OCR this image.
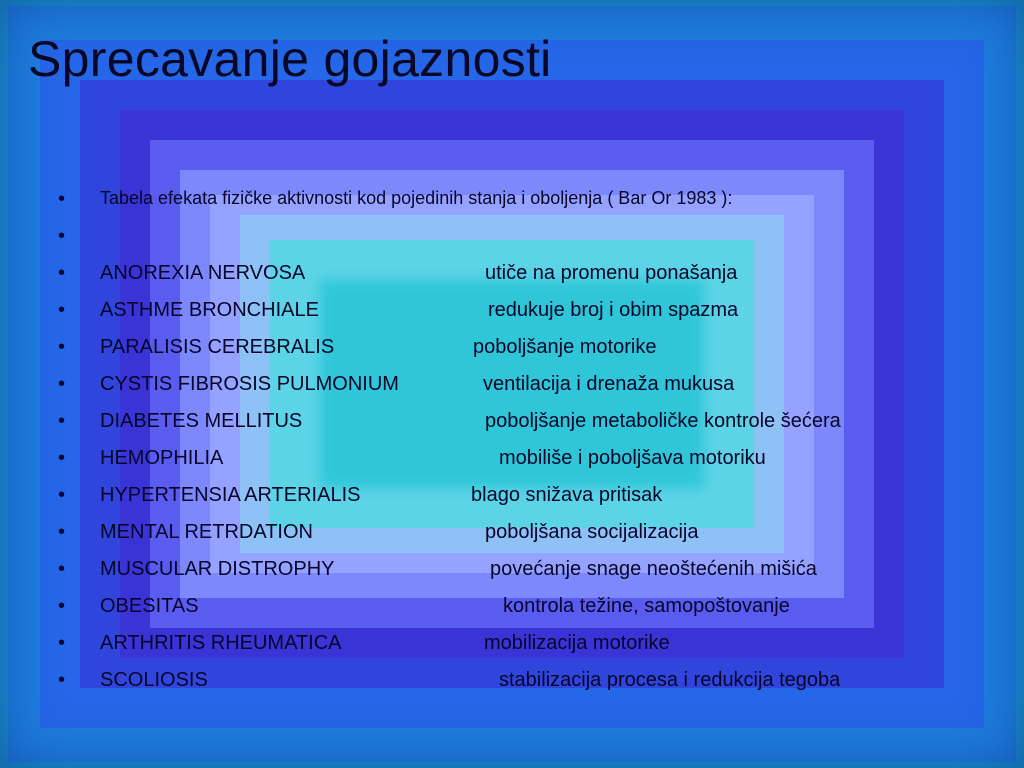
Sprecavanje gojaznosti
• Tabela efekata fizičke aktivnosti kod pojedinih stanja i oboljenja ( Bar Or 1983 ):
•
• ANOREXIA NERVOSA	utiče na promenu ponašanja
• ASTHME BRONCHIALE	redukuje broj i obim spazma
• PARALISIS CEREBRALIS	poboljšanje motorike
• CYSTIS FIBROSIS PULMONIUM	ventilacija i drenaža mukusa
• DIABETES MELLITUS	poboljšanje metaboličke kontrole šećera
• HEMOPHILIA	mobiliše i poboljšava motoriku
• HYPERTENSIA ARTERIALIS	blago snižava pritisak
• MENTAL RETRDATION	poboljšana socijalizacija
• MUSCULAR DISTROPHY	povećanje snage neoštećenih mišića
• OBESITAS	kontrola težine, samopoštovanje
• ARTHRITIS RHEUMATICA	mobilizacija motorike
• SCOLIOSIS	stabilizacija procesa i redukcija tegoba
